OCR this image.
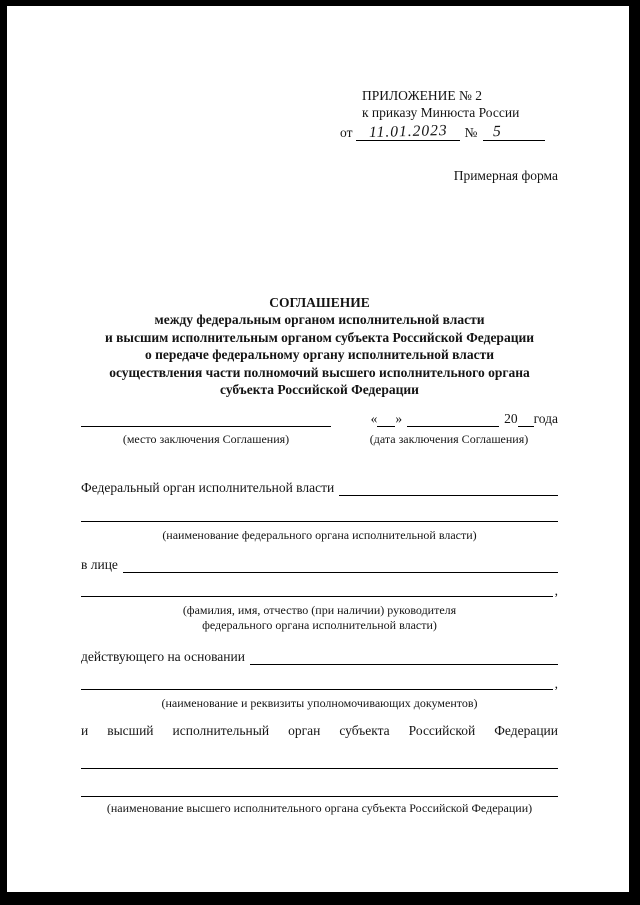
ПРИЛОЖЕНИЕ № 2
к приказу Минюста России
от	11.01.2023	№	5
Примерная форма
СОГЛАШЕНИЕ
между федеральным органом исполнительной власти
и высшим исполнительным органом субъекта Российской Федерации
о передаче федеральному органу исполнительной власти
осуществления части полномочий высшего исполнительного органа
субъекта Российской Федерации
« »	20 года
(место заключения Соглашения)	(дата заключения Соглашения)
Федеральный орган исполнительной власти
(наименование федерального органа исполнительной власти)
в лице
,
(фамилия, имя, отчество (при наличии) руководителя
федерального органа исполнительной власти)
действующего на основании
,
(наименование и реквизиты уполномочивающих документов)
и высший исполнительный орган субъекта Российской Федерации
(наименование высшего исполнительного органа субъекта Российской Федерации)
